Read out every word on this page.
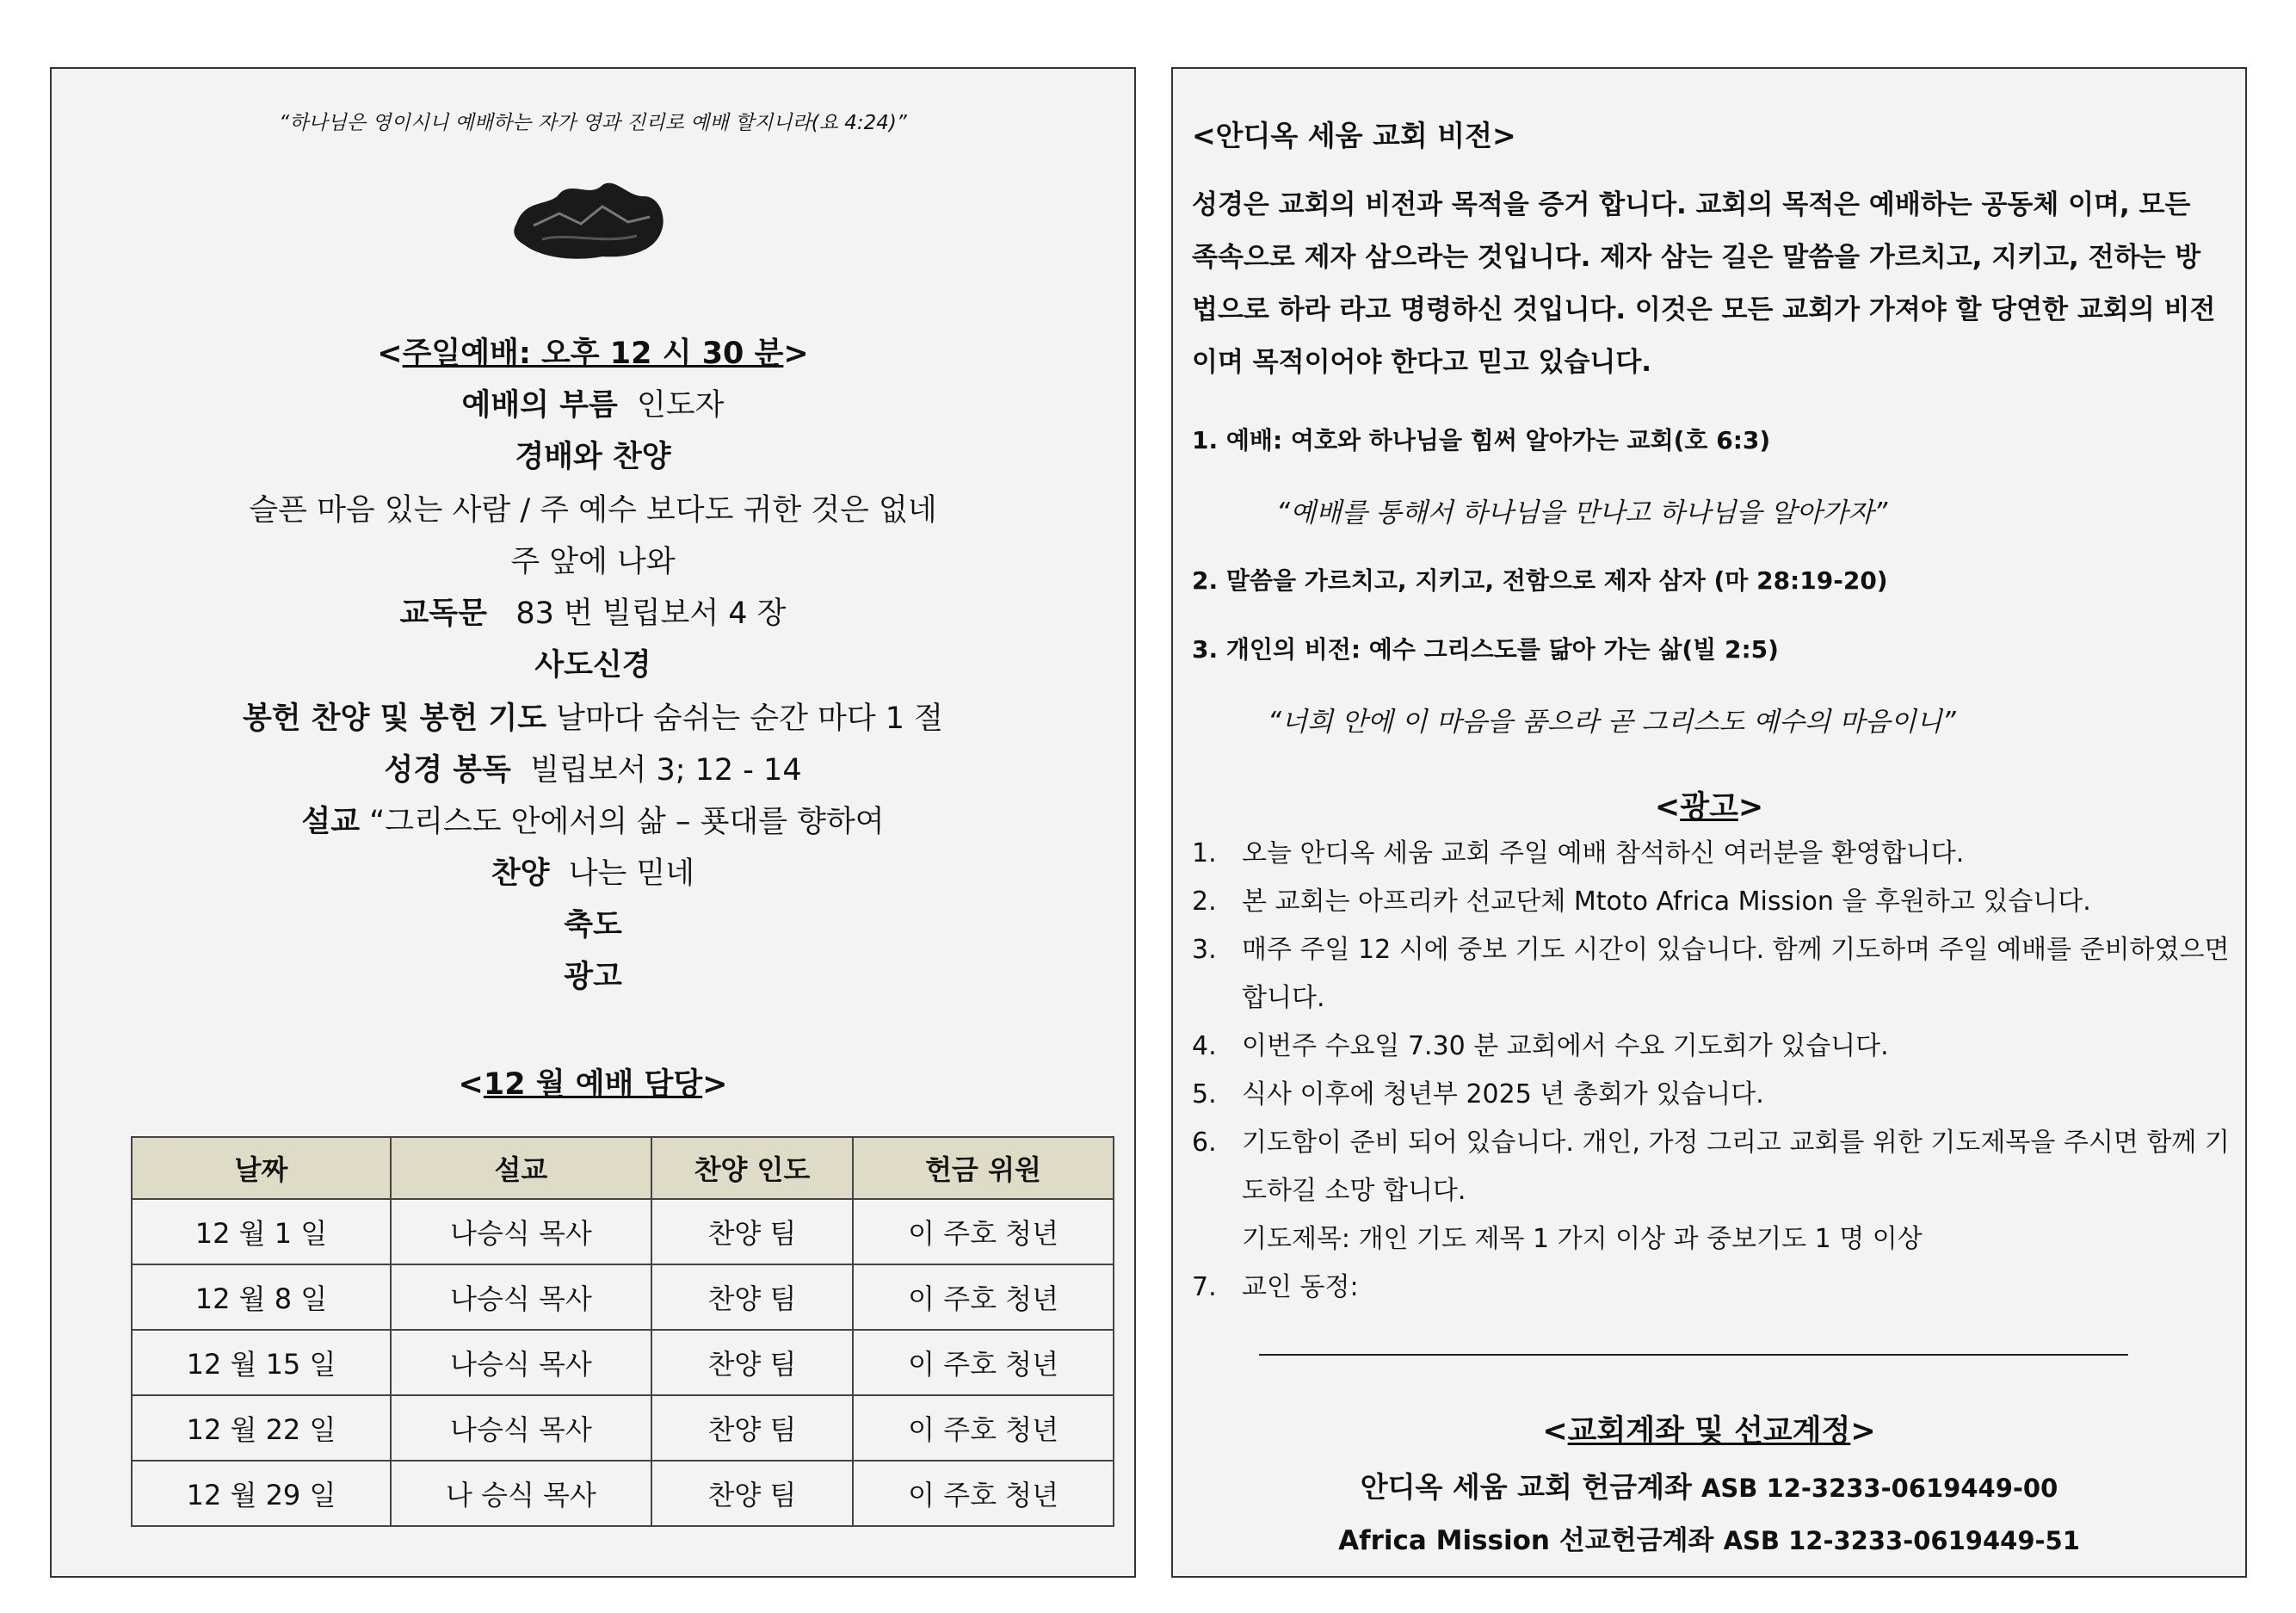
“하나님은 영이시니 예배하는 자가 영과 진리로 예배 할지니라(요 4:24)”
<주일예배: 오후 12 시 30 분>
예배의 부름 인도자
경배와 찬양
슬픈 마음 있는 사람 / 주 예수 보다도 귀한 것은 없네
주 앞에 나와
교독문 83 번 빌립보서 4 장
사도신경
봉헌 찬양 및 봉헌 기도 날마다 숨쉬는 순간 마다 1 절
성경 봉독 빌립보서 3; 12 - 14
설교 “그리스도 안에서의 삶 – 푯대를 향하여
찬양 나는 믿네
축도
광고
<12 월 예배 담당>
날짜	설교	찬양 인도	헌금 위원
12 월 1 일	나승식 목사	찬양 팀	이 주호 청년
12 월 8 일	나승식 목사	찬양 팀	이 주호 청년
12 월 15 일	나승식 목사	찬양 팀	이 주호 청년
12 월 22 일	나승식 목사	찬양 팀	이 주호 청년
12 월 29 일	나 승식 목사	찬양 팀	이 주호 청년
<안디옥 세움 교회 비전>
성경은 교회의 비전과 목적을 증거 합니다. 교회의 목적은 예배하는 공동체 이며, 모든 족속으로 제자 삼으라는 것입니다. 제자 삼는 길은 말씀을 가르치고, 지키고, 전하는 방법으로 하라 라고 명령하신 것입니다. 이것은 모든 교회가 가져야 할 당연한 교회의 비전이며 목적이어야 한다고 믿고 있습니다.
1. 예배: 여호와 하나님을 힘써 알아가는 교회(호 6:3)
“예배를 통해서 하나님을 만나고 하나님을 알아가자”
2. 말씀을 가르치고, 지키고, 전함으로 제자 삼자 (마 28:19-20)
3. 개인의 비전: 예수 그리스도를 닮아 가는 삶(빌 2:5)
“너희 안에 이 마음을 품으라 곧 그리스도 예수의 마음이니”
<광고>
1. 오늘 안디옥 세움 교회 주일 예배 참석하신 여러분을 환영합니다.
2. 본 교회는 아프리카 선교단체 Mtoto Africa Mission 을 후원하고 있습니다.
3. 매주 주일 12 시에 중보 기도 시간이 있습니다. 함께 기도하며 주일 예배를 준비하였으면 합니다.
4. 이번주 수요일 7.30 분 교회에서 수요 기도회가 있습니다.
5. 식사 이후에 청년부 2025 년 총회가 있습니다.
6. 기도함이 준비 되어 있습니다. 개인, 가정 그리고 교회를 위한 기도제목을 주시면 함께 기도하길 소망 합니다.
기도제목: 개인 기도 제목 1 가지 이상 과 중보기도 1 명 이상
7. 교인 동정:
<교회계좌 및 선교계정>
안디옥 세움 교회 헌금계좌 ASB 12-3233-0619449-00
Africa Mission 선교헌금계좌 ASB 12-3233-0619449-51
